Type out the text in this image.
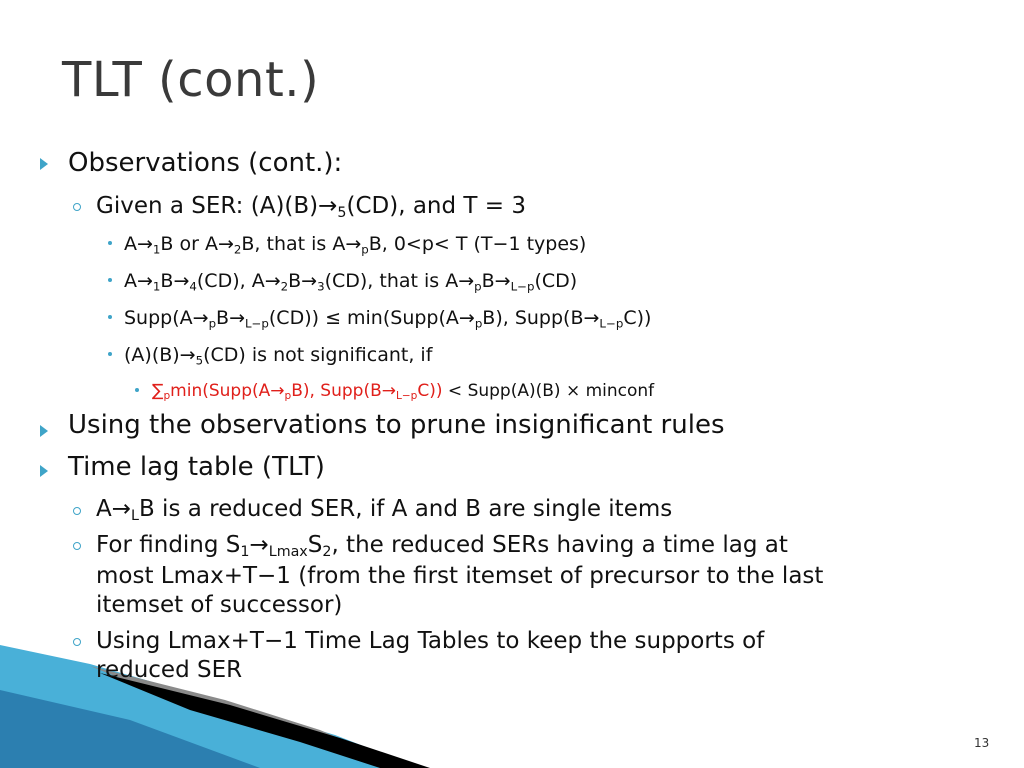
TLT (cont.)
Observations (cont.):
Given a SER: $(A)(B)\to_5(CD)$, and T = 3
$A\to_1B$ or $A\to_2B$, that is $A\to_pB$, 0<p< T (T−1 types)
$A\to_1B\to_4(CD)$, $A\to_2B\to_3(CD)$, that is $A\to_pB\to_{L-p}(CD)$
$Supp(A\to_pB\to_{L-p}(CD))$ ≤ $\min(Supp(A\to_pB)$, $Supp(B\to_{L-p}C)$)
$(A)(B)\to_5(CD)$ is not significant, if
$\sum_p\min(Supp(A\to_pB)$, $Supp(B\to_{L-p}C)$) < Supp(A)(B) × minconf
Using the observations to prune insignificant rules
Time lag table (TLT)
$A\to_LB$ is a reduced SER, if A and B are single items
For finding $S_1\to_{Lmax}S_2$, the reduced SERs having a time lag at
most Lmax+T−1 (from the first itemset of precursor to the last
itemset of successor)
Using Lmax+T−1 Time Lag Tables to keep the supports of
reduced SER
13
